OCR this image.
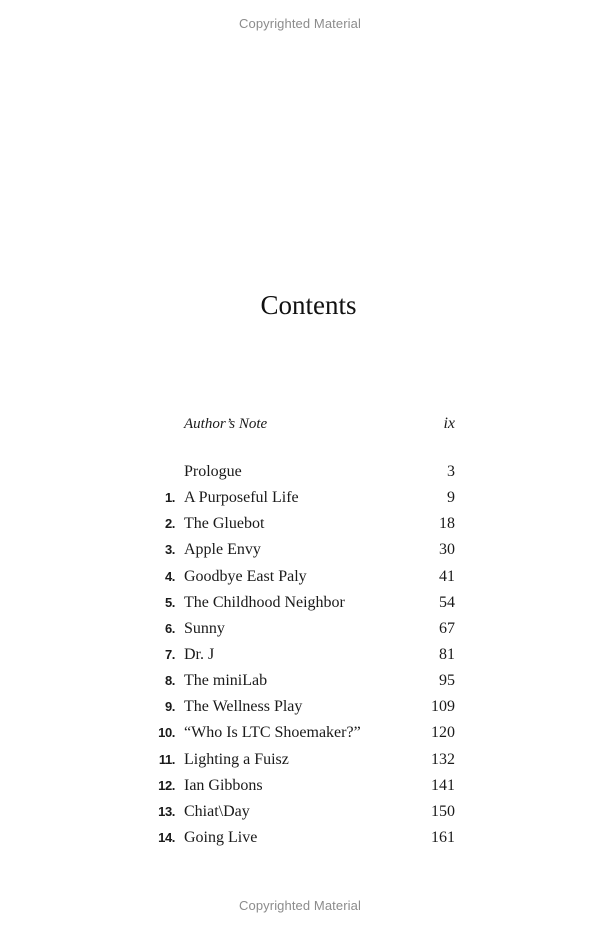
Copyrighted Material
Contents
Author’s Note	ix
Prologue	3
1. A Purposeful Life	9
2. The Gluebot	18
3. Apple Envy	30
4. Goodbye East Paly	41
5. The Childhood Neighbor	54
6. Sunny	67
7. Dr. J	81
8. The miniLab	95
9. The Wellness Play	109
10. “Who Is LTC Shoemaker?”	120
11. Lighting a Fuisz	132
12. Ian Gibbons	141
13. Chiat\Day	150
14. Going Live	161
Copyrighted Material
